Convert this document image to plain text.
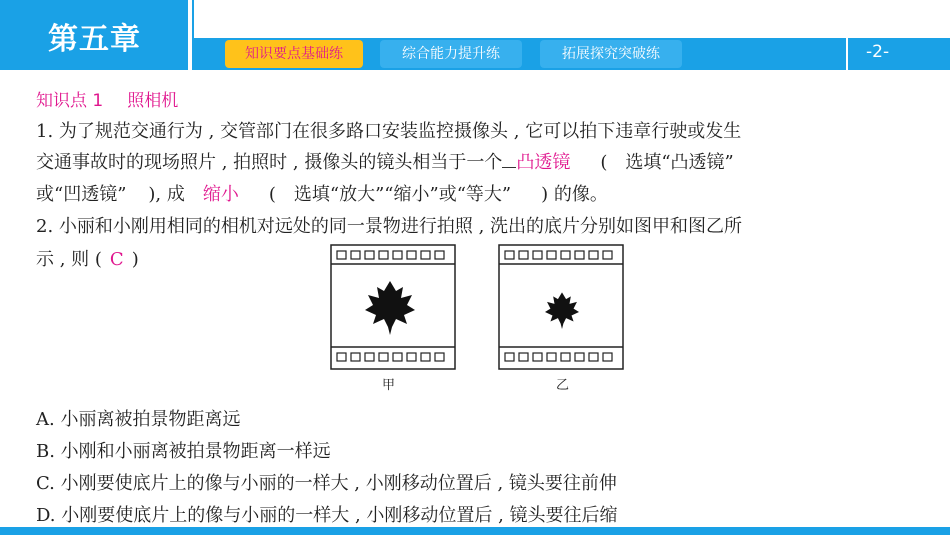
第五章	知识要点基础练	综合能力提升练	拓展探究突破练	-2-
知识点 1 照相机
1. 为了规范交通行为 , 交管部门在很多路口安装监控摄像头 , 它可以拍下违章行驶或发生
交通事故时的现场照片 , 拍照时 , 摄像头的镜头相当于一个 凸透镜 (　选填“凸透镜”
或“凹透镜” ), 成 缩小 (　选填“放大”“缩小”或“等大” ) 的像。
2. 小丽和小刚用相同的相机对远处的同一景物进行拍照 , 洗出的底片分别如图甲和图乙所
示 , 则 ( C )
甲	乙
A. 小丽离被拍景物距离远
B. 小刚和小丽离被拍景物距离一样远
C. 小刚要使底片上的像与小丽的一样大 , 小刚移动位置后 , 镜头要往前伸
D. 小刚要使底片上的像与小丽的一样大 , 小刚移动位置后 , 镜头要往后缩
